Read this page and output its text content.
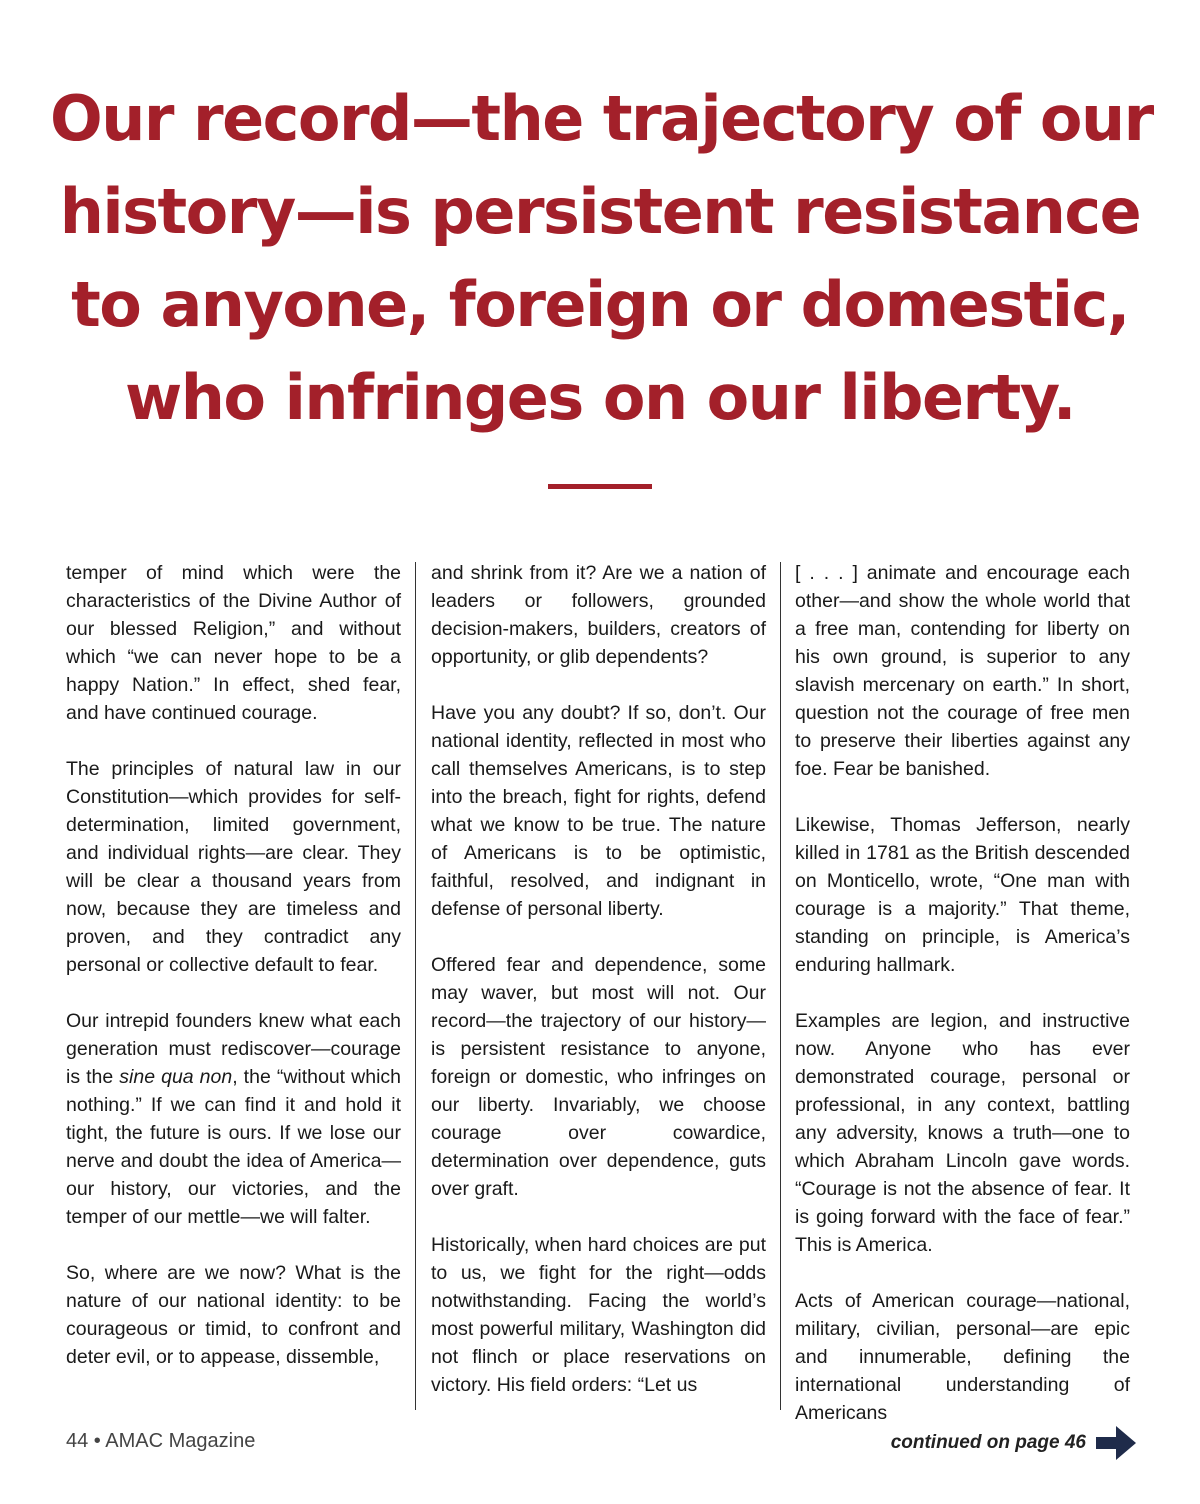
Our record—the trajectory of our
history—is persistent resistance
to anyone, foreign or domestic,
who infringes on our liberty.

temper of mind which were the characteristics of the Divine Author of our blessed Religion,” and without which “we can never hope to be a happy Nation.” In effect, shed fear, and have continued courage.

The principles of natural law in our Constitution—which provides for self-determination, limited government, and individual rights—are clear. They will be clear a thousand years from now, because they are timeless and proven, and they contradict any personal or collective default to fear.

Our intrepid founders knew what each generation must rediscover—courage is the sine qua non, the “without which nothing.” If we can find it and hold it tight, the future is ours. If we lose our nerve and doubt the idea of America—our history, our victories, and the temper of our mettle—we will falter.

So, where are we now? What is the nature of our national identity: to be courageous or timid, to confront and deter evil, or to appease, dissemble,

and shrink from it? Are we a nation of leaders or followers, grounded decision-makers, builders, creators of opportunity, or glib dependents?

Have you any doubt? If so, don’t. Our national identity, reflected in most who call themselves Americans, is to step into the breach, fight for rights, defend what we know to be true. The nature of Americans is to be optimistic, faithful, resolved, and indignant in defense of personal liberty.

Offered fear and dependence, some may waver, but most will not. Our record—the trajectory of our history—is persistent resistance to anyone, foreign or domestic, who infringes on our liberty. Invariably, we choose courage over cowardice, determination over dependence, guts over graft.

Historically, when hard choices are put to us, we fight for the right—odds notwithstanding. Facing the world’s most powerful military, Washington did not flinch or place reservations on victory. His field orders: “Let us

[ . . . ] animate and encourage each other—and show the whole world that a free man, contending for liberty on his own ground, is superior to any slavish mercenary on earth.” In short, question not the courage of free men to preserve their liberties against any foe. Fear be banished.

Likewise, Thomas Jefferson, nearly killed in 1781 as the British descended on Monticello, wrote, “One man with courage is a majority.” That theme, standing on principle, is America’s enduring hallmark.

Examples are legion, and instructive now. Anyone who has ever demonstrated courage, personal or professional, in any context, battling any adversity, knows a truth—one to which Abraham Lincoln gave words. “Courage is not the absence of fear. It is going forward with the face of fear.” This is America.

Acts of American courage—national, military, civilian, personal—are epic and innumerable, defining the international understanding of Americans

44 • AMAC Magazine	continued on page 46
